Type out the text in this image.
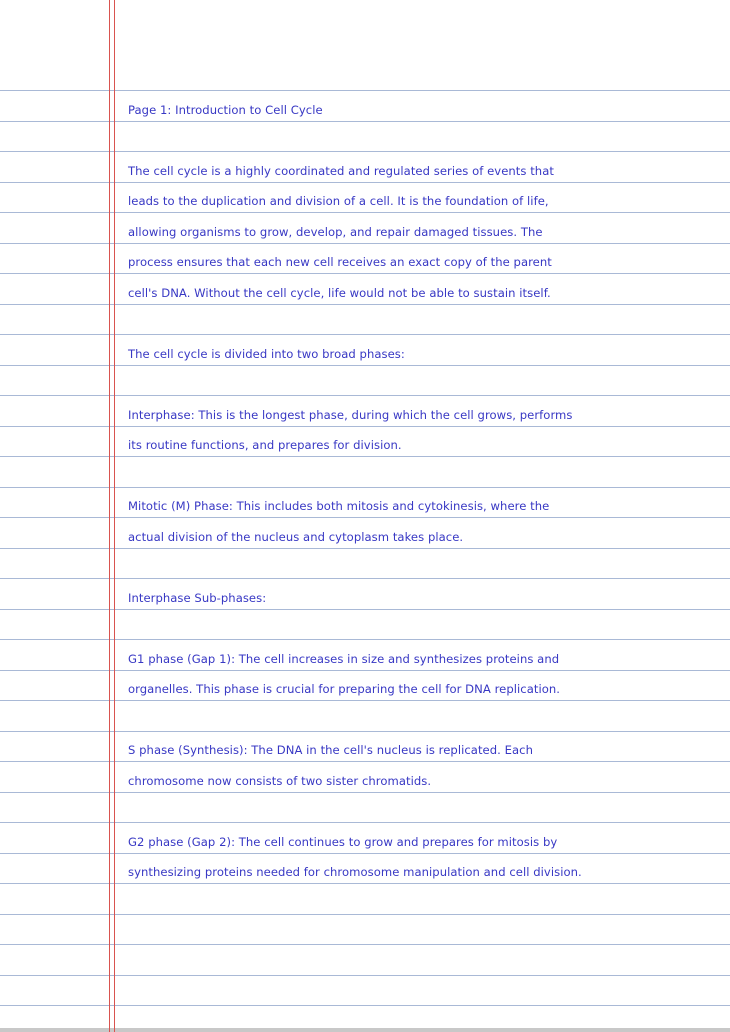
Page 1: Introduction to Cell Cycle
The cell cycle is a highly coordinated and regulated series of events that
leads to the duplication and division of a cell. It is the foundation of life,
allowing organisms to grow, develop, and repair damaged tissues. The
process ensures that each new cell receives an exact copy of the parent
cell's DNA. Without the cell cycle, life would not be able to sustain itself.
The cell cycle is divided into two broad phases:
Interphase: This is the longest phase, during which the cell grows, performs
its routine functions, and prepares for division.
Mitotic (M) Phase: This includes both mitosis and cytokinesis, where the
actual division of the nucleus and cytoplasm takes place.
Interphase Sub-phases:
G1 phase (Gap 1): The cell increases in size and synthesizes proteins and
organelles. This phase is crucial for preparing the cell for DNA replication.
S phase (Synthesis): The DNA in the cell's nucleus is replicated. Each
chromosome now consists of two sister chromatids.
G2 phase (Gap 2): The cell continues to grow and prepares for mitosis by
synthesizing proteins needed for chromosome manipulation and cell division.
